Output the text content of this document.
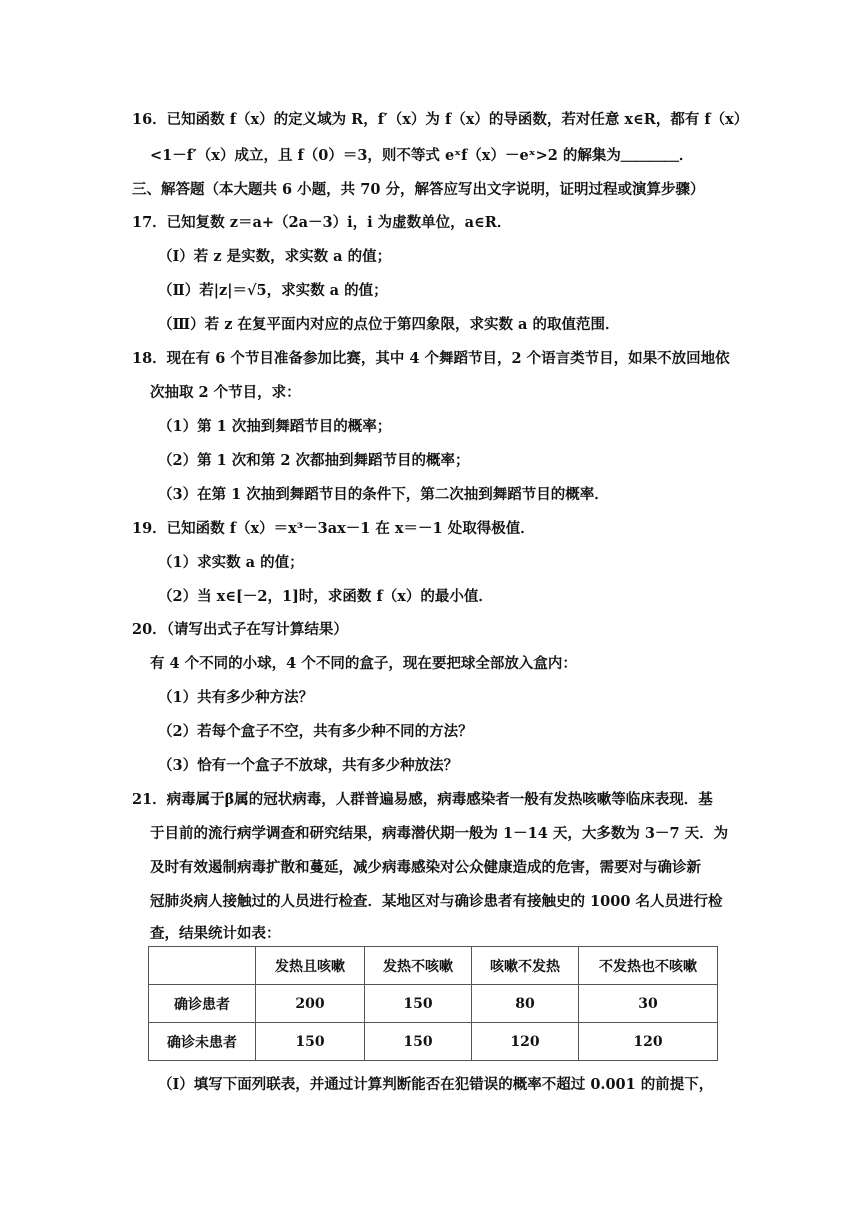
16．已知函数 f（x）的定义域为 R，f′（x）为 f（x）的导函数，若对任意 x∈R，都有 f（x）
<1－f′（x）成立，且 f（0）＝3，则不等式 eˣf（x）－eˣ>2 的解集为＿＿＿＿．
三、解答题（本大题共 6 小题，共 70 分，解答应写出文字说明，证明过程或演算步骤）
17．已知复数 z＝a+（2a－3）i，i 为虚数单位，a∈R．
（Ⅰ）若 z 是实数，求实数 a 的值；
（Ⅱ）若|z|＝√5，求实数 a 的值；
（Ⅲ）若 z 在复平面内对应的点位于第四象限，求实数 a 的取值范围．
18．现在有 6 个节目准备参加比赛，其中 4 个舞蹈节目，2 个语言类节目，如果不放回地依
次抽取 2 个节目，求：
（1）第 1 次抽到舞蹈节目的概率；
（2）第 1 次和第 2 次都抽到舞蹈节目的概率；
（3）在第 1 次抽到舞蹈节目的条件下，第二次抽到舞蹈节目的概率．
19．已知函数 f（x）＝x³－3ax－1 在 x＝－1 处取得极值．
（1）求实数 a 的值；
（2）当 x∈[－2，1]时，求函数 f（x）的最小值．
20．（请写出式子在写计算结果）
有 4 个不同的小球，4 个不同的盒子，现在要把球全部放入盒内：
（1）共有多少种方法？
（2）若每个盒子不空，共有多少种不同的方法？
（3）恰有一个盒子不放球，共有多少种放法？
21．病毒属于β属的冠状病毒，人群普遍易感，病毒感染者一般有发热咳嗽等临床表现．基
于目前的流行病学调查和研究结果，病毒潜伏期一般为 1－14 天，大多数为 3－7 天．为
及时有效遏制病毒扩散和蔓延，减少病毒感染对公众健康造成的危害，需要对与确诊新
冠肺炎病人接触过的人员进行检查．某地区对与确诊患者有接触史的 1000 名人员进行检
查，结果统计如表：
	发热且咳嗽	发热不咳嗽	咳嗽不发热	不发热也不咳嗽
确诊患者	200	150	80	30
确诊未患者	150	150	120	120
（Ⅰ）填写下面列联表，并通过计算判断能否在犯错误的概率不超过 0.001 的前提下，
